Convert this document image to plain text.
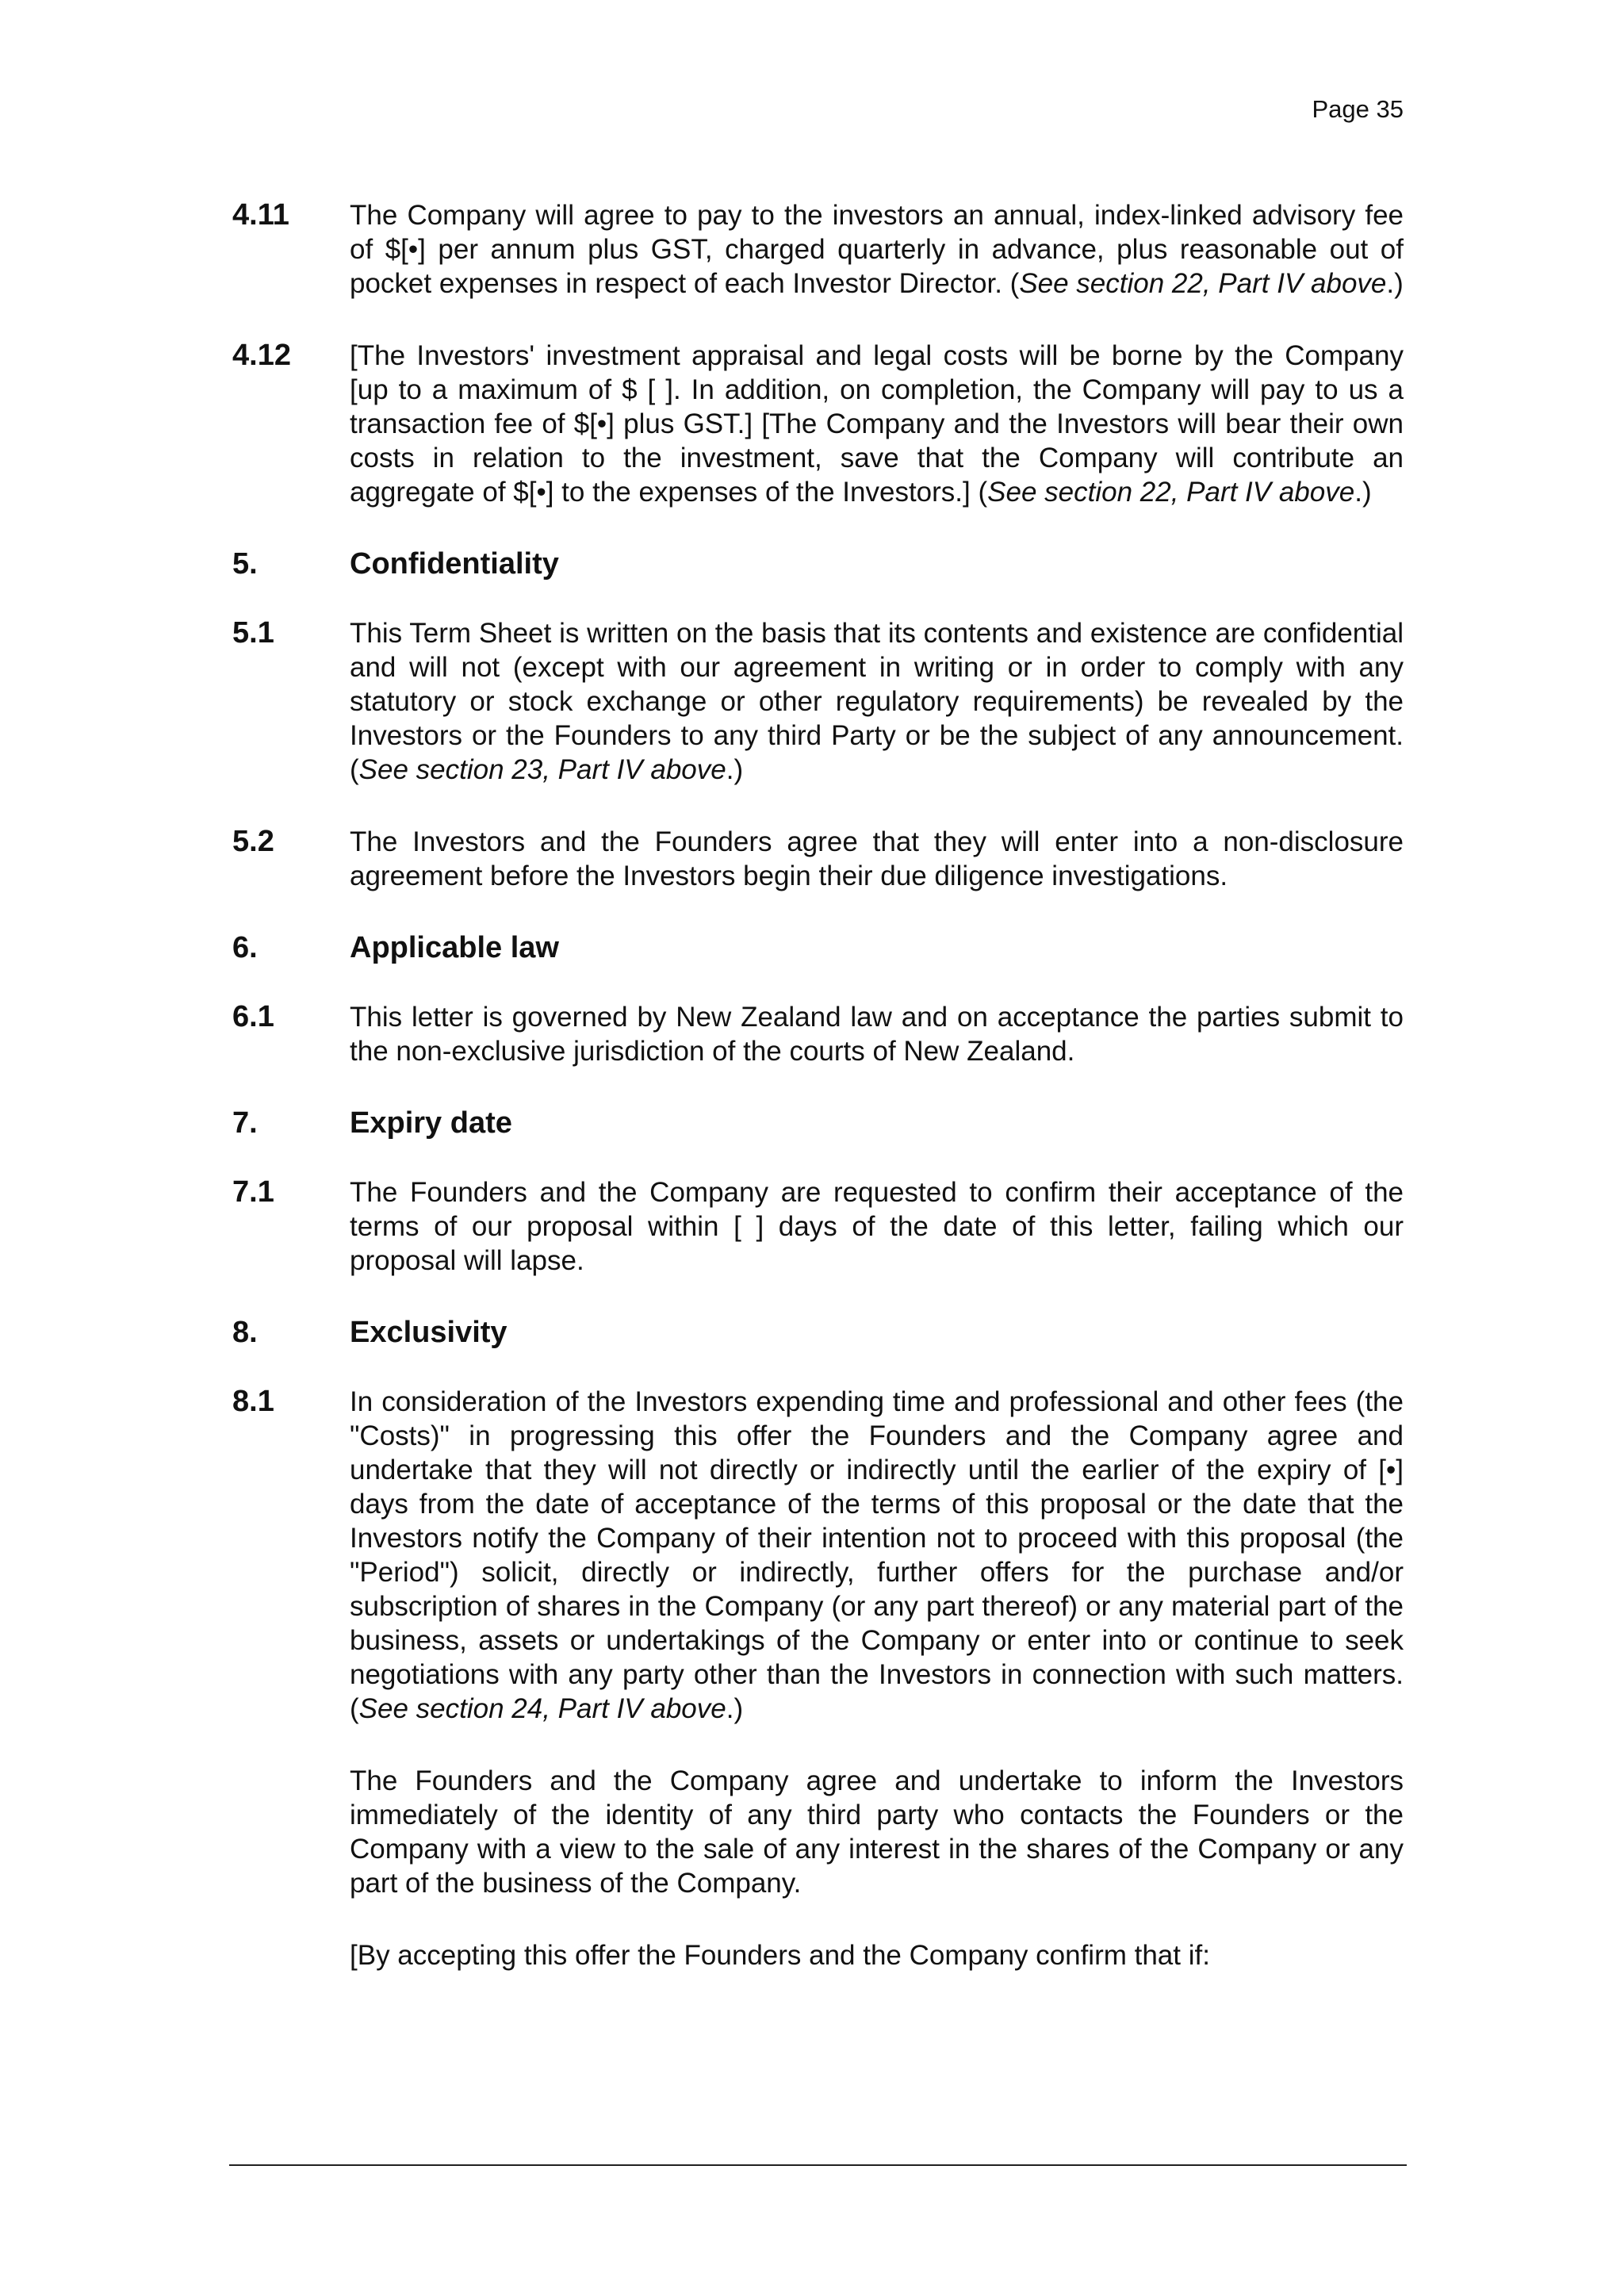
Page 35
4.11	The Company will agree to pay to the investors an annual, index-linked advisory fee of $[•] per annum plus GST, charged quarterly in advance, plus reasonable out of pocket expenses in respect of each Investor Director. (See section 22, Part IV above.)
4.12	[The Investors' investment appraisal and legal costs will be borne by the Company [up to a maximum of $ [ ]. In addition, on completion, the Company will pay to us a transaction fee of $[•] plus GST.] [The Company and the Investors will bear their own costs in relation to the investment, save that the Company will contribute an aggregate of $[•] to the expenses of the Investors.] (See section 22, Part IV above.)
5.	Confidentiality
5.1	This Term Sheet is written on the basis that its contents and existence are confidential and will not (except with our agreement in writing or in order to comply with any statutory or stock exchange or other regulatory requirements) be revealed by the Investors or the Founders to any third Party or be the subject of any announcement. (See section 23, Part IV above.)
5.2	The Investors and the Founders agree that they will enter into a non-disclosure agreement before the Investors begin their due diligence investigations.
6.	Applicable law
6.1	This letter is governed by New Zealand law and on acceptance the parties submit to the non-exclusive jurisdiction of the courts of New Zealand.
7.	Expiry date
7.1	The Founders and the Company are requested to confirm their acceptance of the terms of our proposal within [ ] days of the date of this letter, failing which our proposal will lapse.
8.	Exclusivity
8.1	In consideration of the Investors expending time and professional and other fees (the "Costs)" in progressing this offer the Founders and the Company agree and undertake that they will not directly or indirectly until the earlier of the expiry of [•] days from the date of acceptance of the terms of this proposal or the date that the Investors notify the Company of their intention not to proceed with this proposal (the "Period") solicit, directly or indirectly, further offers for the purchase and/or subscription of shares in the Company (or any part thereof) or any material part of the business, assets or undertakings of the Company or enter into or continue to seek negotiations with any party other than the Investors in connection with such matters. (See section 24, Part IV above.)
The Founders and the Company agree and undertake to inform the Investors immediately of the identity of any third party who contacts the Founders or the Company with a view to the sale of any interest in the shares of the Company or any part of the business of the Company.
[By accepting this offer the Founders and the Company confirm that if:
